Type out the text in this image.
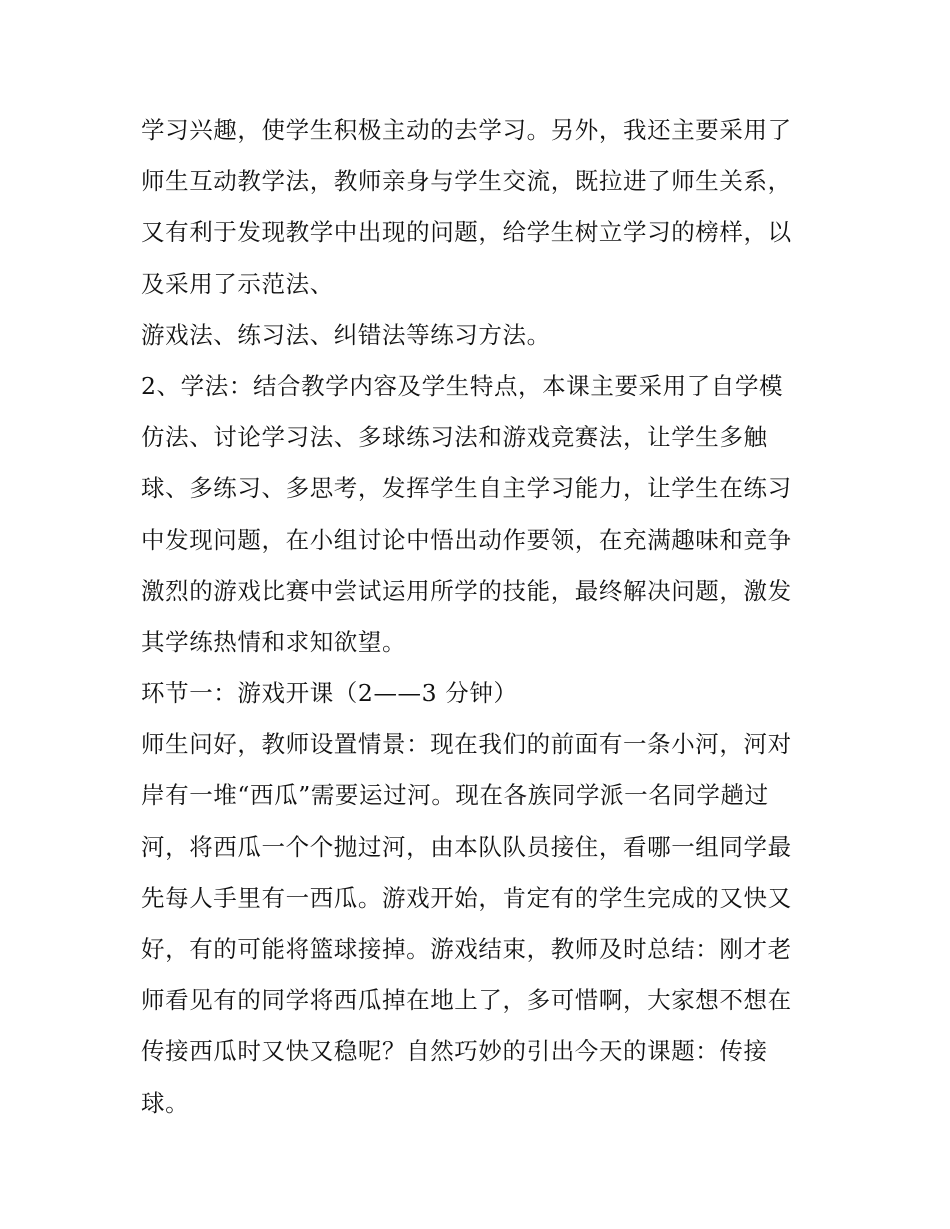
学习兴趣，使学生积极主动的去学习。另外，我还主要采用了
师生互动教学法，教师亲身与学生交流，既拉进了师生关系，
又有利于发现教学中出现的问题，给学生树立学习的榜样，以
及采用了示范法、
游戏法、练习法、纠错法等练习方法。
2、学法：结合教学内容及学生特点，本课主要采用了自学模
仿法、讨论学习法、多球练习法和游戏竞赛法，让学生多触
球、多练习、多思考，发挥学生自主学习能力，让学生在练习
中发现问题，在小组讨论中悟出动作要领，在充满趣味和竞争
激烈的游戏比赛中尝试运用所学的技能，最终解决问题，激发
其学练热情和求知欲望。
环节一：游戏开课（2——3 分钟）
师生问好，教师设置情景：现在我们的前面有一条小河，河对
岸有一堆“西瓜”需要运过河。现在各族同学派一名同学趟过
河，将西瓜一个个抛过河，由本队队员接住，看哪一组同学最
先每人手里有一西瓜。游戏开始，肯定有的学生完成的又快又
好，有的可能将篮球接掉。游戏结束，教师及时总结：刚才老
师看见有的同学将西瓜掉在地上了，多可惜啊，大家想不想在
传接西瓜时又快又稳呢？自然巧妙的引出今天的课题：传接
球。
